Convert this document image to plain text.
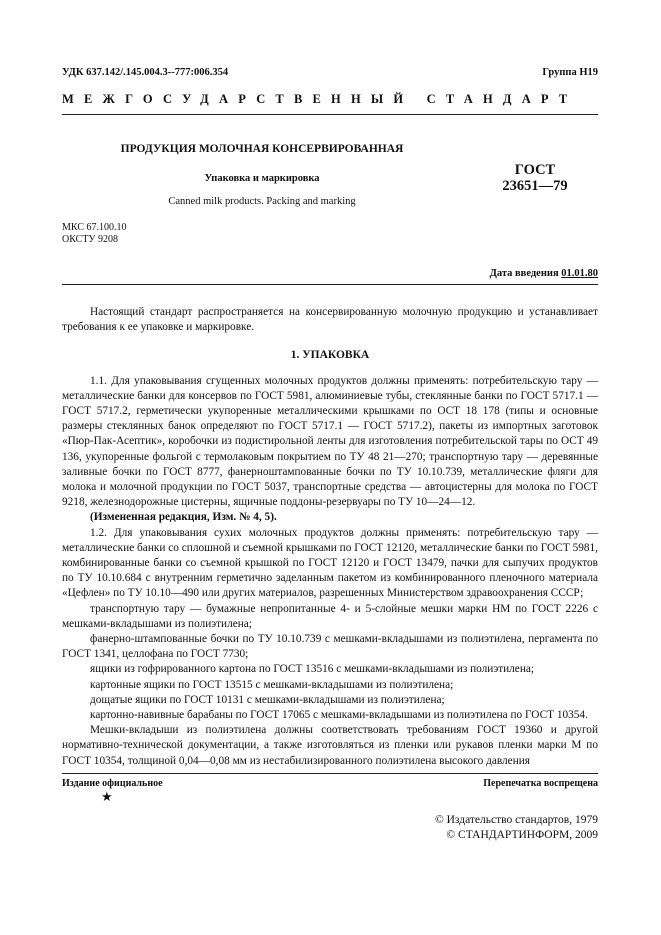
УДК 637.142/.145.004.3--777:006.354	Группа Н19
МЕЖГОСУДАРСТВЕННЫЙ СТАНДАРТ
ПРОДУКЦИЯ МОЛОЧНАЯ КОНСЕРВИРОВАННАЯ
Упаковка и маркировка
Canned milk products. Packing and marking
ГОСТ
23651—79
МКС 67.100.10
ОКСТУ 9208
Дата введения 01.01.80

Настоящий стандарт распространяется на консервированную молочную продукцию и устанавливает требования к ее упаковке и маркировке.

1. УПАКОВКА

1.1. Для упаковывания сгущенных молочных продуктов должны применять: потребительскую тару — металлические банки для консервов по ГОСТ 5981, алюминиевые тубы, стеклянные банки по ГОСТ 5717.1 — ГОСТ 5717.2, герметически укупоренные металлическими крышками по ОСТ 18 178 (типы и основные размеры стеклянных банок определяют по ГОСТ 5717.1 — ГОСТ 5717.2), пакеты из импортных заготовок «Пюр-Пак-Асептик», коробочки из подистирольной ленты для изготовления потребительской тары по ОСТ 49 136, укупоренные фольгой с термолаковым покрытием по ТУ 48 21—270; транспортную тару — деревянные заливные бочки по ГОСТ 8777, фанерноштампованные бочки по ТУ 10.10.739, металлические фляги для молока и молочной продукции по ГОСТ 5037, транспортные средства — автоцистерны для молока по ГОСТ 9218, железнодорожные цистерны, ящичные поддоны-резервуары по ТУ 10—24—12.

(Измененная редакция, Изм. № 4, 5).

1.2. Для упаковывания сухих молочных продуктов должны применять: потребительскую тару — металлические банки со сплошной и съемной крышками по ГОСТ 12120, металлические банки по ГОСТ 5981, комбинированные банки со съемной крышкой по ГОСТ 12120 и ГОСТ 13479, пачки для сыпучих продуктов по ТУ 10.10.684 с внутренним герметично заделанным пакетом из комбинированного пленочного материала «Цефлен» по ТУ 10.10—490 или других материалов, разрешенных Министерством здравоохранения СССР;

транспортную тару — бумажные непропитанные 4- и 5-слойные мешки марки НМ по ГОСТ 2226 с мешками-вкладышами из полиэтилена;

фанерно-штампованные бочки по ТУ 10.10.739 с мешками-вкладышами из полиэтилена, пергамента по ГОСТ 1341, целлофана по ГОСТ 7730;

ящики из гофрированного картона по ГОСТ 13516 с мешками-вкладышами из полиэтилена;

картонные ящики по ГОСТ 13515 с мешками-вкладышами из полиэтилена;

дощатые ящики по ГОСТ 10131 с мешками-вкладышами из полиэтилена;

картонно-навивные барабаны по ГОСТ 17065 с мешками-вкладышами из полиэтилена по ГОСТ 10354.

Мешки-вкладыши из полиэтилена должны соответствовать требованиям ГОСТ 19360 и другой нормативно-технической документации, а также изготовляться из пленки или рукавов пленки марки М по ГОСТ 10354, толщиной 0,04—0,08 мм из нестабилизированного полиэтилена высокого давления

Издание официальное
★
Перепечатка воспрещена
© Издательство стандартов, 1979
© СТАНДАРТИНФОРМ, 2009
